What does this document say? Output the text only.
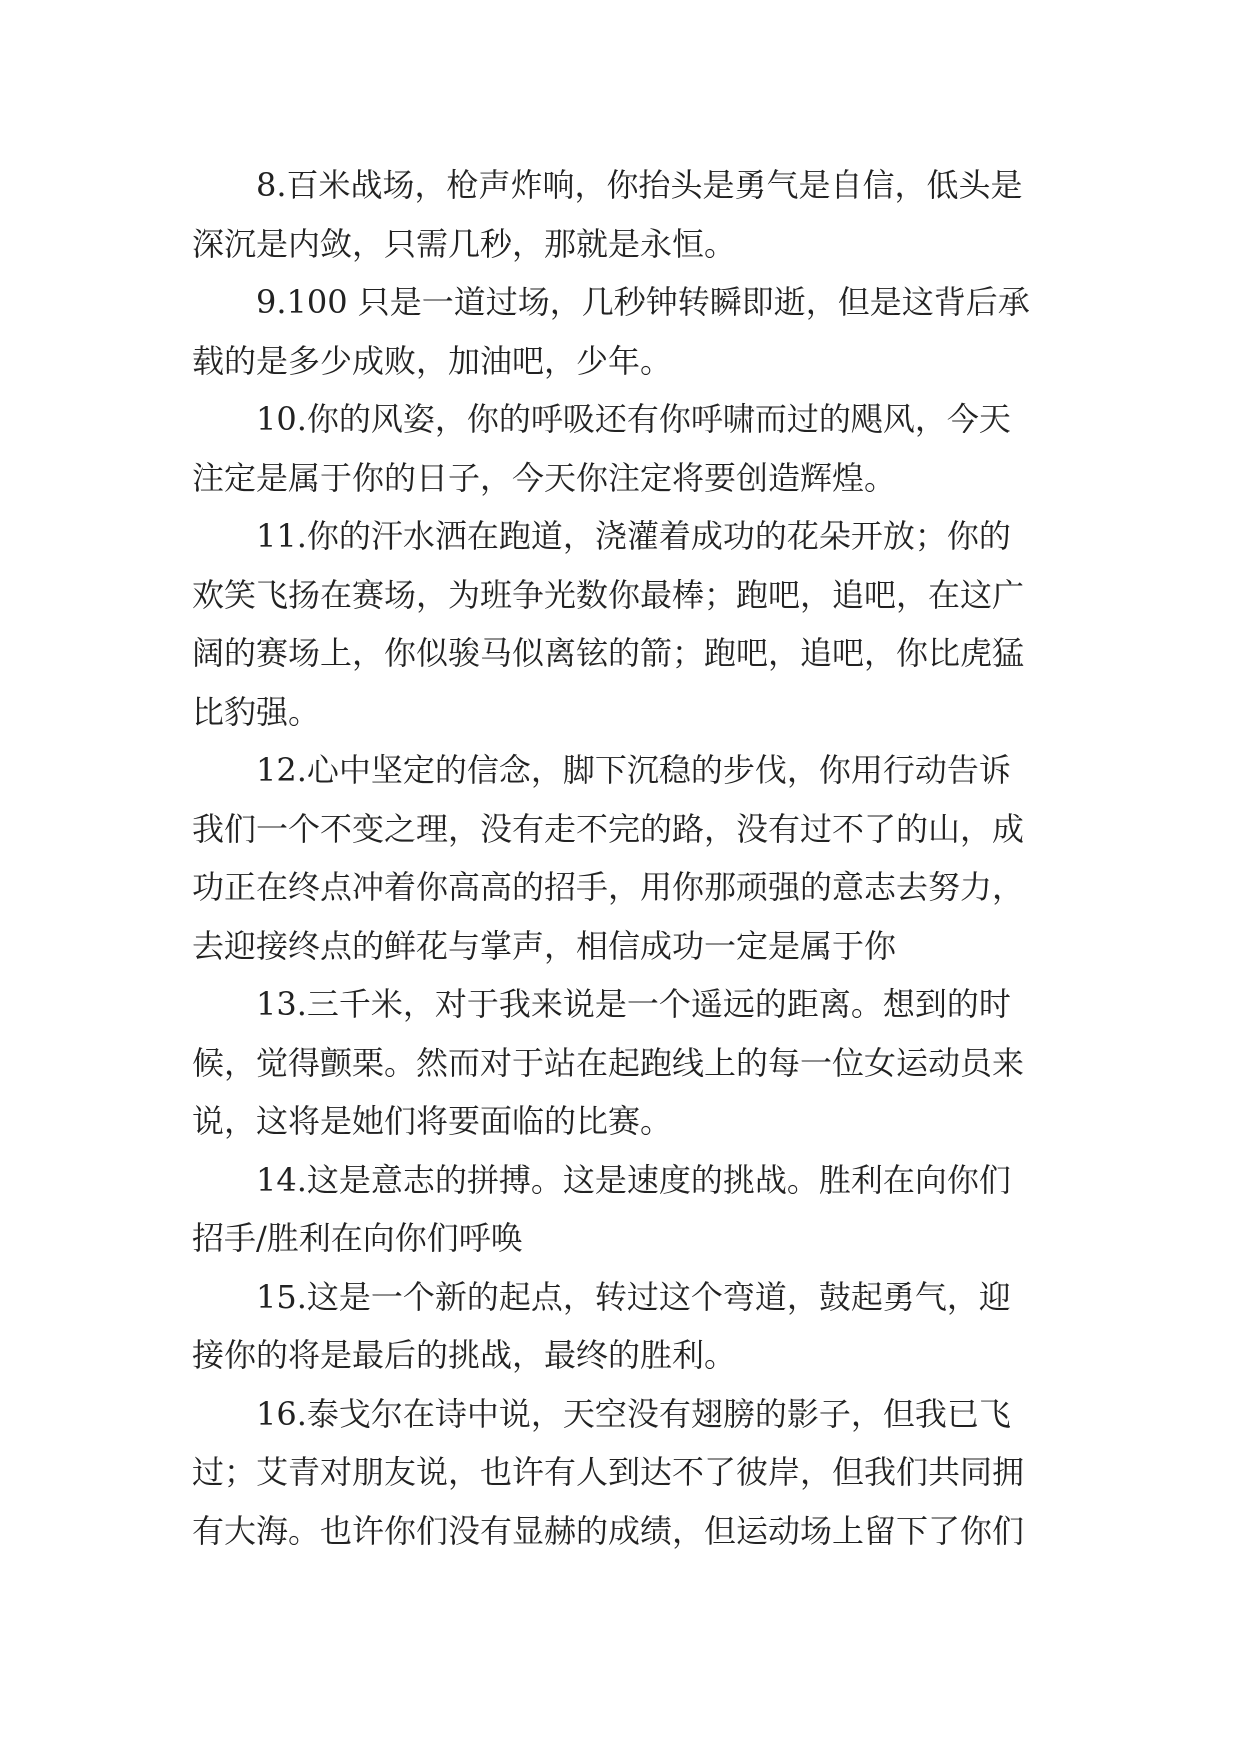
8.百米战场，枪声炸响，你抬头是勇气是自信，低头是
深沉是内敛，只需几秒，那就是永恒。

9.100 只是一道过场，几秒钟转瞬即逝，但是这背后承
载的是多少成败，加油吧，少年。

10.你的风姿，你的呼吸还有你呼啸而过的飓风，今天
注定是属于你的日子，今天你注定将要创造辉煌。

11.你的汗水洒在跑道，浇灌着成功的花朵开放；你的
欢笑飞扬在赛场，为班争光数你最棒；跑吧，追吧，在这广
阔的赛场上，你似骏马似离铉的箭；跑吧，追吧，你比虎猛
比豹强。

12.心中坚定的信念，脚下沉稳的步伐，你用行动告诉
我们一个不变之理，没有走不完的路，没有过不了的山，成
功正在终点冲着你高高的招手，用你那顽强的意志去努力，
去迎接终点的鲜花与掌声，相信成功一定是属于你

13.三千米，对于我来说是一个遥远的距离。想到的时
候，觉得颤栗。然而对于站在起跑线上的每一位女运动员来
说，这将是她们将要面临的比赛。

14.这是意志的拼搏。这是速度的挑战。胜利在向你们
招手/胜利在向你们呼唤

15.这是一个新的起点，转过这个弯道，鼓起勇气，迎
接你的将是最后的挑战，最终的胜利。

16.泰戈尔在诗中说，天空没有翅膀的影子，但我已飞
过；艾青对朋友说，也许有人到达不了彼岸，但我们共同拥
有大海。也许你们没有显赫的成绩，但运动场上留下了你们
